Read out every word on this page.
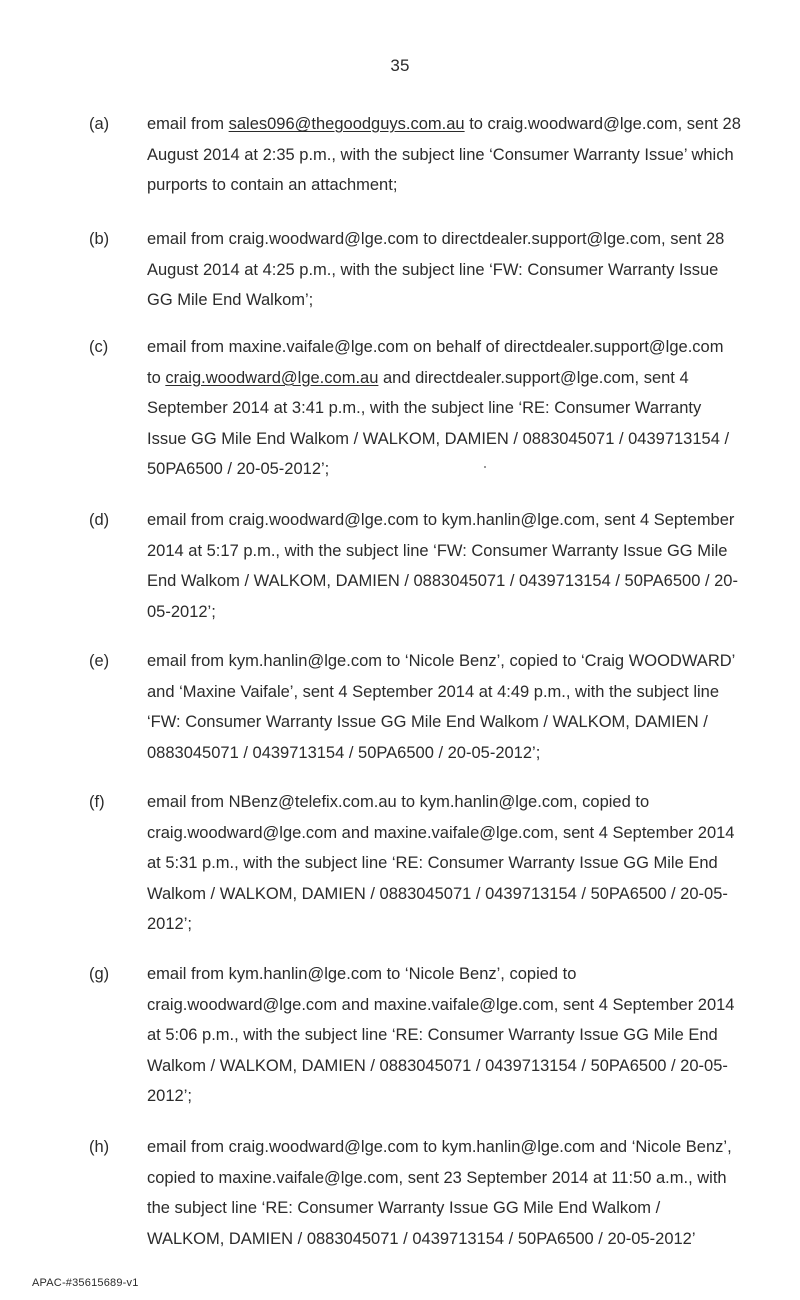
35
(a) email from sales096@thegoodguys.com.au to craig.woodward@lge.com, sent 28
August 2014 at 2:35 p.m., with the subject line ‘Consumer Warranty Issue’ which
purports to contain an attachment;
(b) email from craig.woodward@lge.com to directdealer.support@lge.com, sent 28
August 2014 at 4:25 p.m., with the subject line ‘FW: Consumer Warranty Issue
GG Mile End Walkom’;
(c) email from maxine.vaifale@lge.com on behalf of directdealer.support@lge.com
to craig.woodward@lge.com.au and directdealer.support@lge.com, sent 4
September 2014 at 3:41 p.m., with the subject line ‘RE: Consumer Warranty
Issue GG Mile End Walkom / WALKOM, DAMIEN / 0883045071 / 0439713154 /
50PA6500 / 20-05-2012’;
(d) email from craig.woodward@lge.com to kym.hanlin@lge.com, sent 4 September
2014 at 5:17 p.m., with the subject line ‘FW: Consumer Warranty Issue GG Mile
End Walkom / WALKOM, DAMIEN / 0883045071 / 0439713154 / 50PA6500 / 20-
05-2012’;
(e) email from kym.hanlin@lge.com to ‘Nicole Benz’, copied to ‘Craig WOODWARD’
and ‘Maxine Vaifale’, sent 4 September 2014 at 4:49 p.m., with the subject line
‘FW: Consumer Warranty Issue GG Mile End Walkom / WALKOM, DAMIEN /
0883045071 / 0439713154 / 50PA6500 / 20-05-2012’;
(f)	email from NBenz@telefix.com.au to kym.hanlin@lge.com, copied to
craig.woodward@lge.com and maxine.vaifale@lge.com, sent 4 September 2014
at 5:31 p.m., with the subject line ‘RE: Consumer Warranty Issue GG Mile End
Walkom / WALKOM, DAMIEN / 0883045071 / 0439713154 / 50PA6500 / 20-05-
2012’;
(g) email from kym.hanlin@lge.com to ‘Nicole Benz’, copied to
craig.woodward@lge.com and maxine.vaifale@lge.com, sent 4 September 2014
at 5:06 p.m., with the subject line ‘RE: Consumer Warranty Issue GG Mile End
Walkom / WALKOM, DAMIEN / 0883045071 / 0439713154 / 50PA6500 / 20-05-
2012’;
(h) email from craig.woodward@lge.com to kym.hanlin@lge.com and ‘Nicole Benz’,
copied to maxine.vaifale@lge.com, sent 23 September 2014 at 11:50 a.m., with
the subject line ‘RE: Consumer Warranty Issue GG Mile End Walkom /
WALKOM, DAMIEN / 0883045071 / 0439713154 / 50PA6500 / 20-05-2012’
APAC-#35615689-v1
